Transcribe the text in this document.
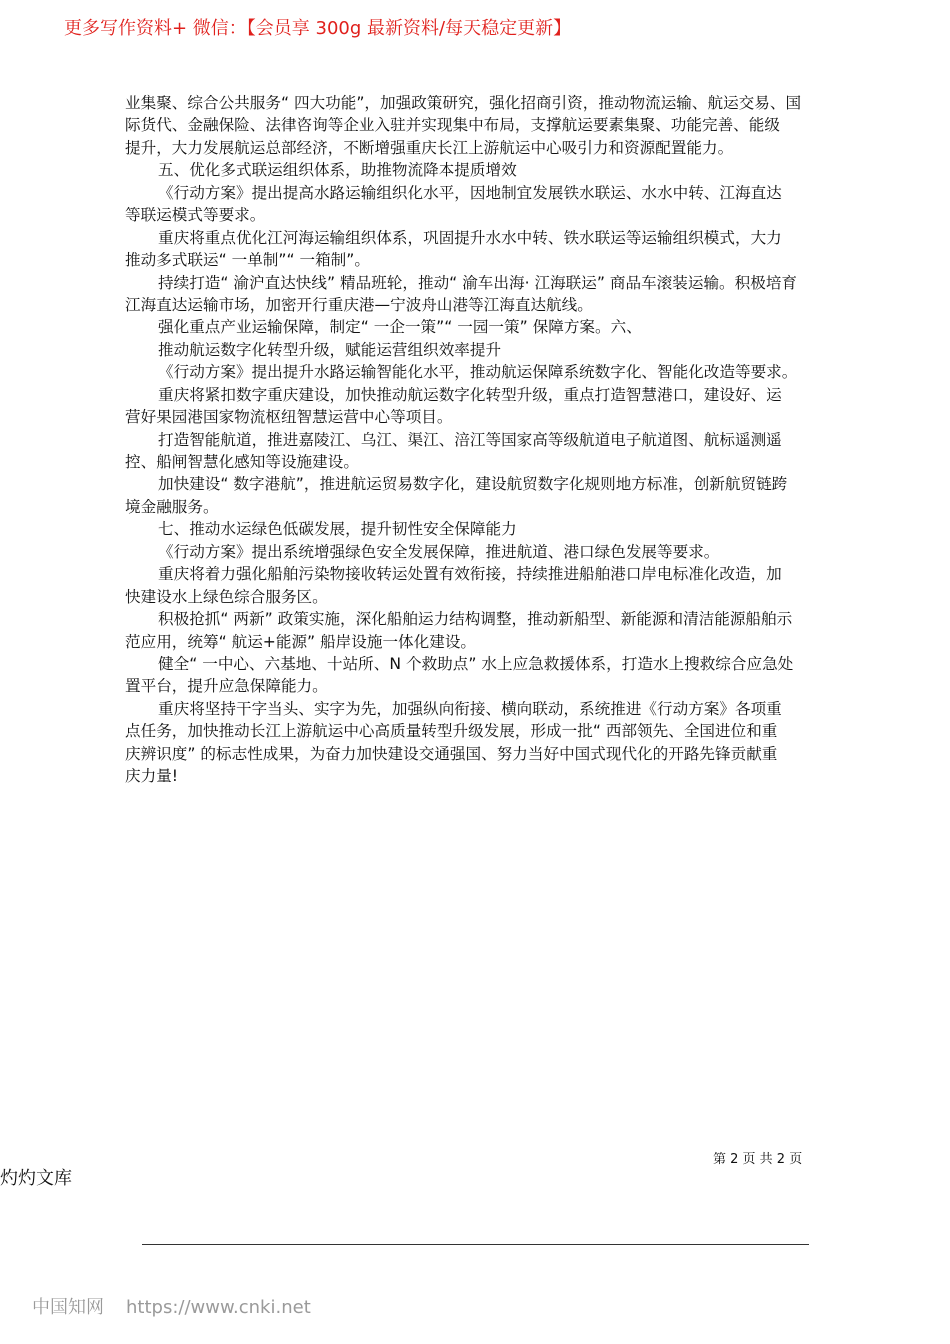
更多写作资料+ 微信：【会员享 300g 最新资料/每天稳定更新】
业集聚、综合公共服务“ 四大功能”，加强政策研究，强化招商引资，推动物流运输、航运交易、国
际货代、金融保险、法律咨询等企业入驻并实现集中布局，支撑航运要素集聚、功能完善、能级
提升，大力发展航运总部经济，不断增强重庆长江上游航运中心吸引力和资源配置能力。
五、优化多式联运组织体系，助推物流降本提质增效
《行动方案》提出提高水路运输组织化水平，因地制宜发展铁水联运、水水中转、江海直达
等联运模式等要求。
重庆将重点优化江河海运输组织体系，巩固提升水水中转、铁水联运等运输组织模式，大力
推动多式联运“ 一单制”“ 一箱制”。
持续打造“ 渝沪直达快线” 精品班轮，推动“ 渝车出海· 江海联运” 商品车滚装运输。积极培育
江海直达运输市场，加密开行重庆港—宁波舟山港等江海直达航线。
强化重点产业运输保障，制定“ 一企一策”“ 一园一策” 保障方案。六、
推动航运数字化转型升级，赋能运营组织效率提升
《行动方案》提出提升水路运输智能化水平，推动航运保障系统数字化、智能化改造等要求。
重庆将紧扣数字重庆建设，加快推动航运数字化转型升级，重点打造智慧港口，建设好、运
营好果园港国家物流枢纽智慧运营中心等项目。
打造智能航道，推进嘉陵江、乌江、渠江、涪江等国家高等级航道电子航道图、航标遥测遥
控、船闸智慧化感知等设施建设。
加快建设“ 数字港航”，推进航运贸易数字化，建设航贸数字化规则地方标准，创新航贸链跨
境金融服务。
七、推动水运绿色低碳发展，提升韧性安全保障能力
《行动方案》提出系统增强绿色安全发展保障，推进航道、港口绿色发展等要求。
重庆将着力强化船舶污染物接收转运处置有效衔接，持续推进船舶港口岸电标准化改造，加
快建设水上绿色综合服务区。
积极抢抓“ 两新” 政策实施，深化船舶运力结构调整，推动新船型、新能源和清洁能源船舶示
范应用，统筹“ 航运+能源” 船岸设施一体化建设。
健全“ 一中心、六基地、十站所、N 个救助点” 水上应急救援体系，打造水上搜救综合应急处
置平台，提升应急保障能力。
重庆将坚持干字当头、实字为先，加强纵向衔接、横向联动，系统推进《行动方案》各项重
点任务，加快推动长江上游航运中心高质量转型升级发展，形成一批“ 西部领先、全国进位和重
庆辨识度” 的标志性成果，为奋力加快建设交通强国、努力当好中国式现代化的开路先锋贡献重
庆力量!
第 2 页 共 2 页
灼灼文库
中国知网 https://www.cnki.net
